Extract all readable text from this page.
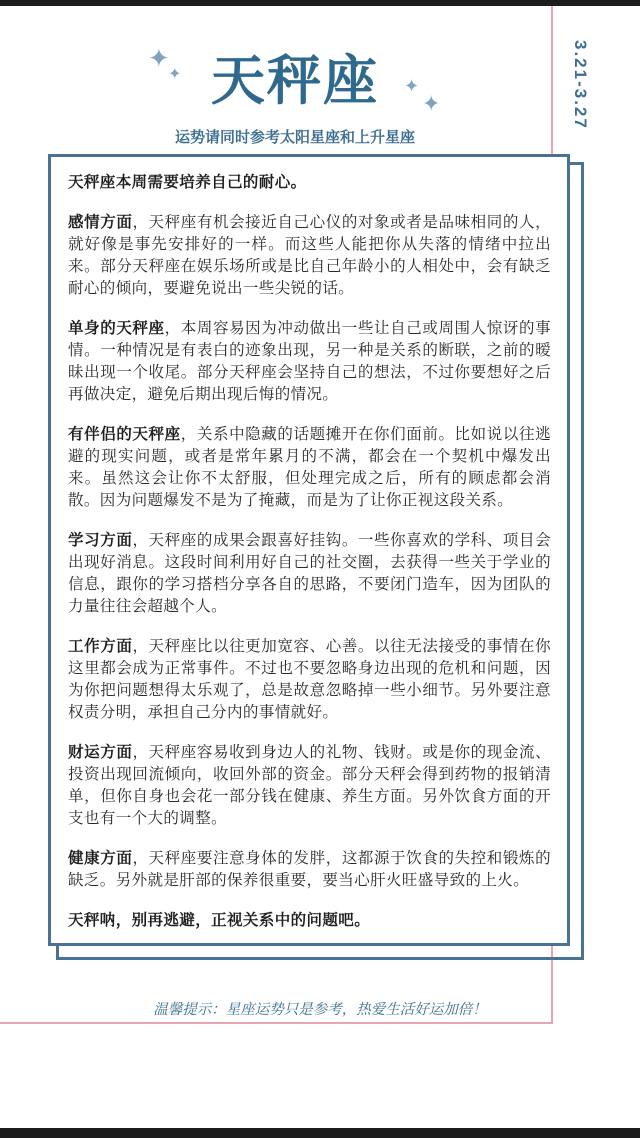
✦
✦
✦
✦
天秤座	3.21-3.27
运势请同时参考太阳星座和上升星座

天秤座本周需要培养自己的耐心。

感情方面，天秤座有机会接近自己心仪的对象或者是品味相同的人，就好像是事先安排好的一样。而这些人能把你从失落的情绪中拉出来。部分天秤座在娱乐场所或是比自己年龄小的人相处中，会有缺乏耐心的倾向，要避免说出一些尖锐的话。

单身的天秤座，本周容易因为冲动做出一些让自己或周围人惊讶的事情。一种情况是有表白的迹象出现，另一种是关系的断联，之前的暧昧出现一个收尾。部分天秤座会坚持自己的想法，不过你要想好之后再做决定，避免后期出现后悔的情况。

有伴侣的天秤座，关系中隐藏的话题摊开在你们面前。比如说以往逃避的现实问题，或者是常年累月的不满，都会在一个契机中爆发出来。虽然这会让你不太舒服，但处理完成之后，所有的顾虑都会消散。因为问题爆发不是为了掩藏，而是为了让你正视这段关系。

学习方面，天秤座的成果会跟喜好挂钩。一些你喜欢的学科、项目会出现好消息。这段时间利用好自己的社交圈，去获得一些关于学业的信息，跟你的学习搭档分享各自的思路，不要闭门造车，因为团队的力量往往会超越个人。

工作方面，天秤座比以往更加宽容、心善。以往无法接受的事情在你这里都会成为正常事件。不过也不要忽略身边出现的危机和问题，因为你把问题想得太乐观了，总是故意忽略掉一些小细节。另外要注意权责分明，承担自己分内的事情就好。

财运方面，天秤座容易收到身边人的礼物、钱财。或是你的现金流、投资出现回流倾向，收回外部的资金。部分天秤会得到药物的报销清单，但你自身也会花一部分钱在健康、养生方面。另外饮食方面的开支也有一个大的调整。

健康方面，天秤座要注意身体的发胖，这都源于饮食的失控和锻炼的缺乏。另外就是肝部的保养很重要，要当心肝火旺盛导致的上火。

天秤呐，别再逃避，正视关系中的问题吧。

温馨提示：星座运势只是参考，热爱生活好运加倍！
